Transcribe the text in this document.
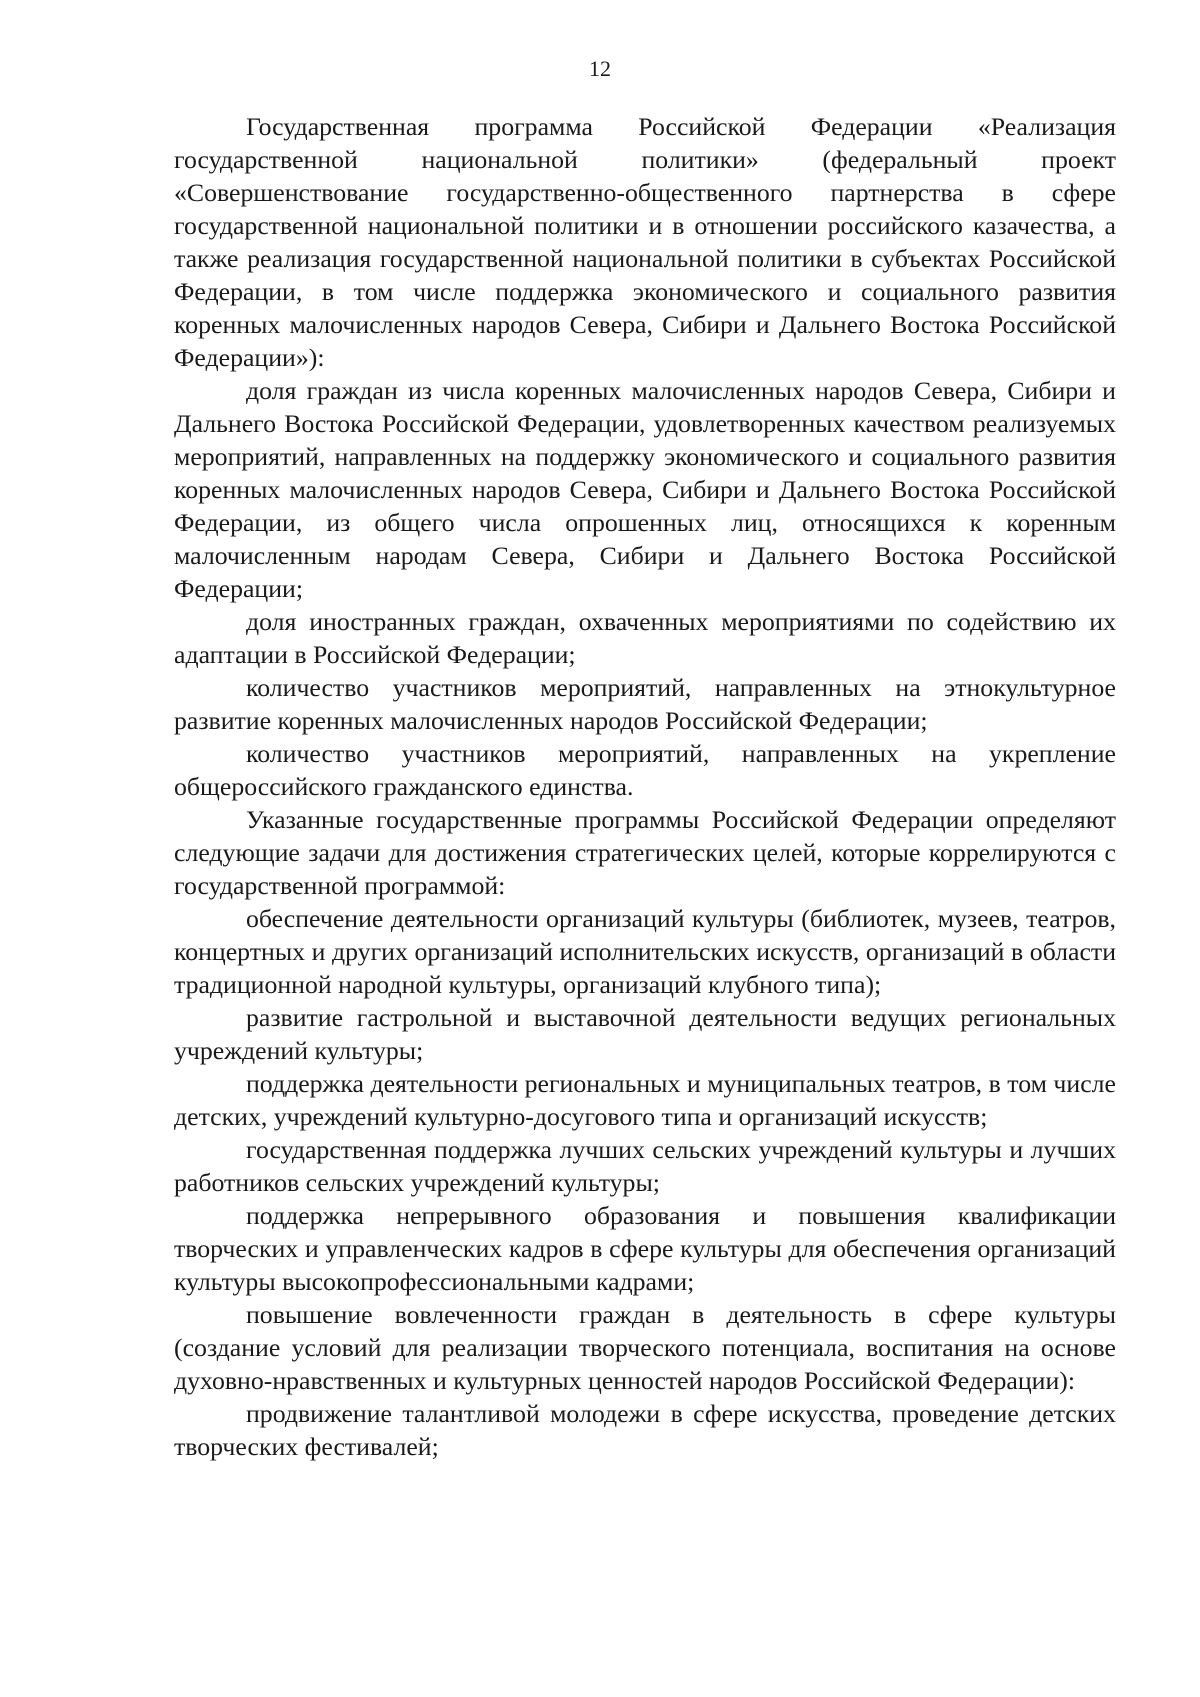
12

Государственная программа Российской Федерации «Реализация государственной национальной политики» (федеральный проект «Совершенствование государственно-общественного партнерства в сфере государственной национальной политики и в отношении российского казачества, а также реализация государственной национальной политики в субъектах Российской Федерации, в том числе поддержка экономического и социального развития коренных малочисленных народов Севера, Сибири и Дальнего Востока Российской Федерации»):

доля граждан из числа коренных малочисленных народов Севера, Сибири и Дальнего Востока Российской Федерации, удовлетворенных качеством реализуемых мероприятий, направленных на поддержку экономического и социального развития коренных малочисленных народов Севера, Сибири и Дальнего Востока Российской Федерации, из общего числа опрошенных лиц, относящихся к коренным малочисленным народам Севера, Сибири и Дальнего Востока Российской Федерации;

доля иностранных граждан, охваченных мероприятиями по содействию их адаптации в Российской Федерации;

количество участников мероприятий, направленных на этнокультурное развитие коренных малочисленных народов Российской Федерации;

количество участников мероприятий, направленных на укрепление общероссийского гражданского единства.

Указанные государственные программы Российской Федерации определяют следующие задачи для достижения стратегических целей, которые коррелируются с государственной программой:

обеспечение деятельности организаций культуры (библиотек, музеев, театров, концертных и других организаций исполнительских искусств, организаций в области традиционной народной культуры, организаций клубного типа);

развитие гастрольной и выставочной деятельности ведущих региональных учреждений культуры;

поддержка деятельности региональных и муниципальных театров, в том числе детских, учреждений культурно-досугового типа и организаций искусств;

государственная поддержка лучших сельских учреждений культуры и лучших работников сельских учреждений культуры;

поддержка непрерывного образования и повышения квалификации творческих и управленческих кадров в сфере культуры для обеспечения организаций культуры высокопрофессиональными кадрами;

повышение вовлеченности граждан в деятельность в сфере культуры (создание условий для реализации творческого потенциала, воспитания на основе духовно-нравственных и культурных ценностей народов Российской Федерации):

продвижение талантливой молодежи в сфере искусства, проведение детских творческих фестивалей;
